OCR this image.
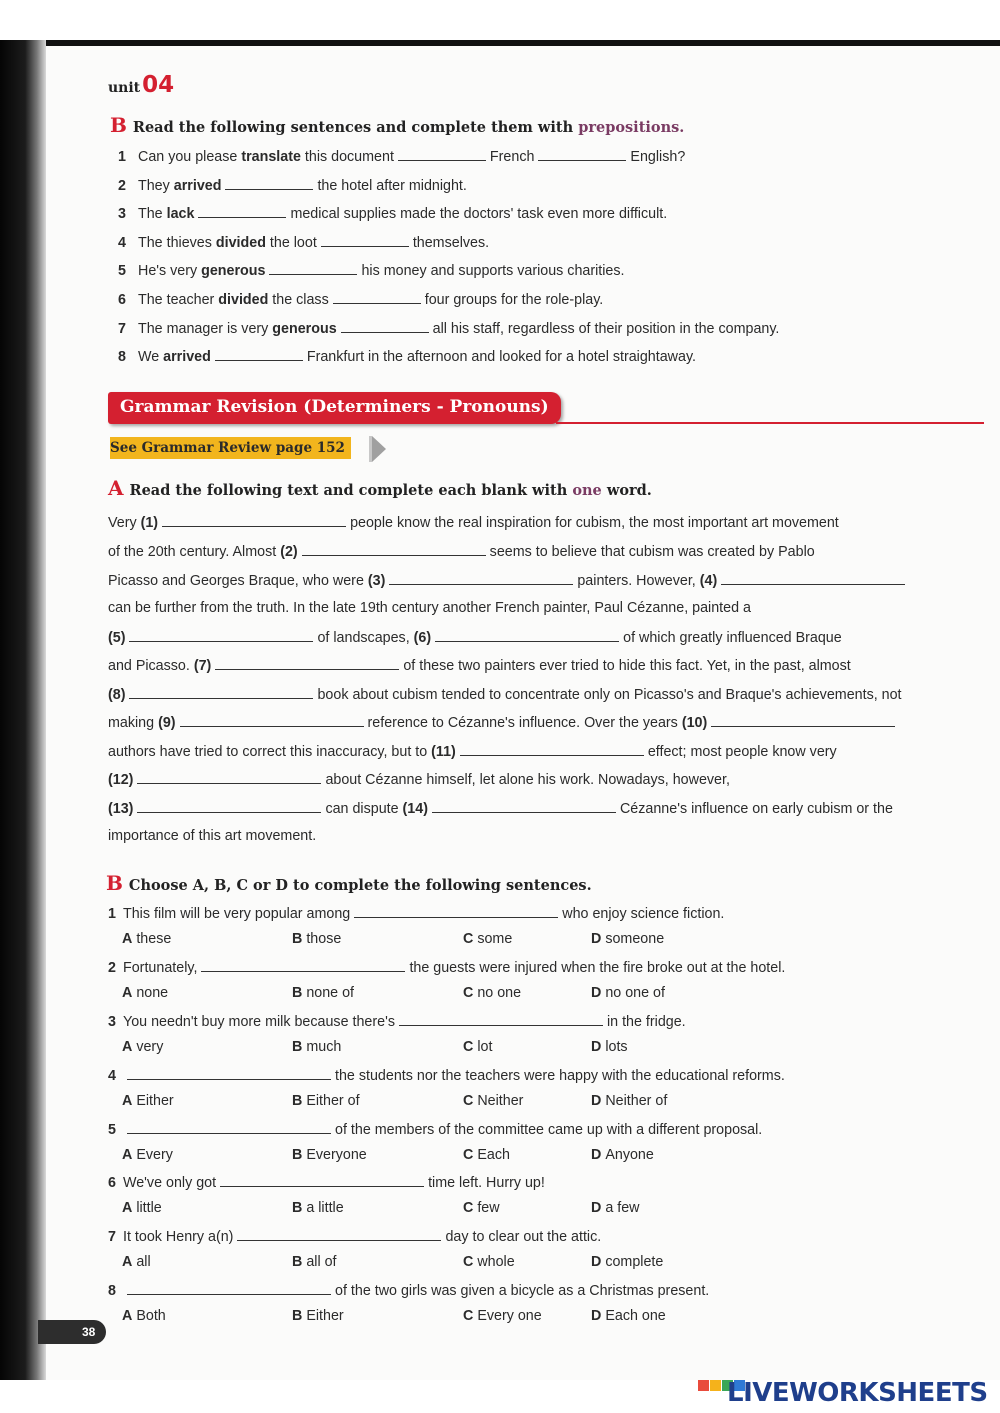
38
unit04
B Read the following sentences and complete them with prepositions.
1 Can you please translate this document	French	English?
2 They arrived	the hotel after midnight.
3 The lack	medical supplies made the doctors' task even more difficult.
4 The thieves divided the loot	themselves.
5 He's very generous	his money and supports various charities.
6 The teacher divided the class	four groups for the role-play.
7 The manager is very generous	all his staff, regardless of their position in the company.
8 We arrived	Frankfurt in the afternoon and looked for a hotel straightaway.
Grammar Revision (Determiners - Pronouns)
See Grammar Review page 152
A Read the following text and complete each blank with one word.
Very (1)	people know the real inspiration for cubism, the most important art movement
of the 20th century. Almost (2)	seems to believe that cubism was created by Pablo
Picasso and Georges Braque, who were (3)	painters. However, (4)
can be further from the truth. In the late 19th century another French painter, Paul Cézanne, painted a
(5)	of landscapes, (6)	of which greatly influenced Braque
and Picasso. (7)	of these two painters ever tried to hide this fact. Yet, in the past, almost
(8)	book about cubism tended to concentrate only on Picasso's and Braque's achievements, not
making (9)	reference to Cézanne's influence. Over the years (10)
authors have tried to correct this inaccuracy, but to (11)	effect; most people know very
(12)	about Cézanne himself, let alone his work. Nowadays, however,
(13)	can dispute (14)	Cézanne's influence on early cubism or the
importance of this art movement.
B Choose A, B, C or D to complete the following sentences.
1 This film will be very popular among	who enjoy science fiction.
A these	B those	C some	D someone
2 Fortunately,	the guests were injured when the fire broke out at the hotel.
A none	B none of	C no one	D no one of
3 You needn't buy more milk because there's	in the fridge.
A very	B much	C lot	D lots
4	the students nor the teachers were happy with the educational reforms.
A Either	B Either of	C Neither	D Neither of
5	of the members of the committee came up with a different proposal.
A Every	B Everyone	C Each	D Anyone
6 We've only got	time left. Hurry up!
A little	B a little	C few	D a few
7 It took Henry a(n)	day to clear out the attic.
A all	B all of	C whole	D complete
8	of the two girls was given a bicycle as a Christmas present.
A Both	B Either	C Every one	D Each one
LIVEWORKSHEETS
